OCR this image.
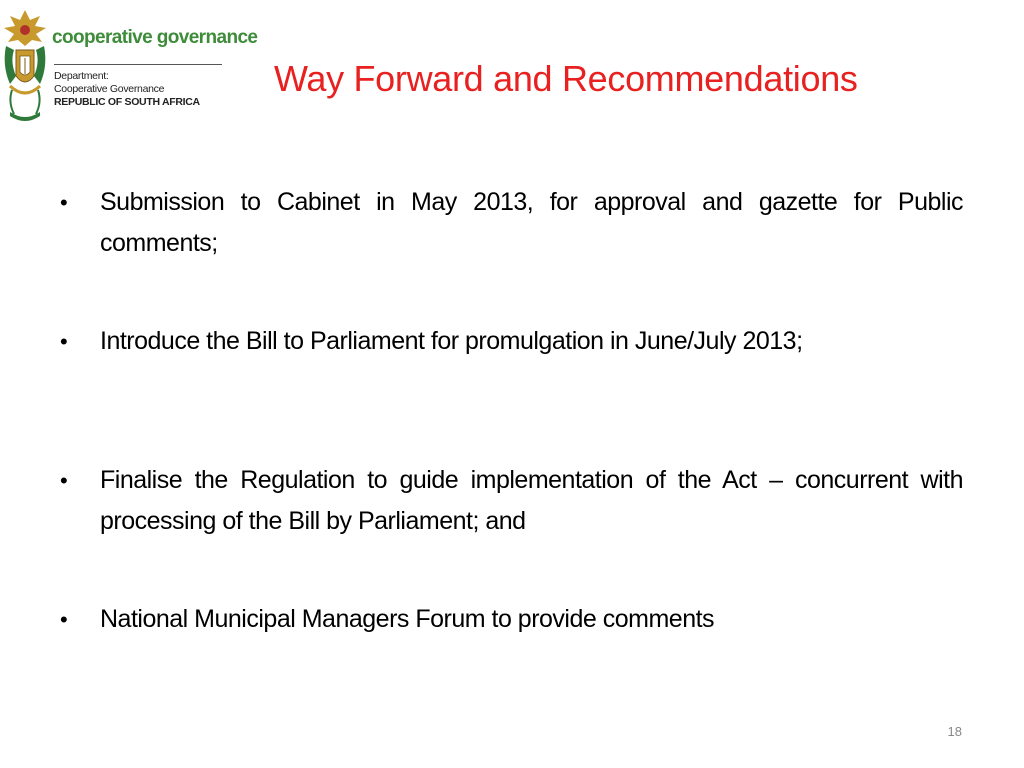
cooperative governance
Department:
Cooperative Governance
REPUBLIC OF SOUTH AFRICA
Way Forward and Recommendations
• Submission to Cabinet in May 2013, for approval and gazette for Public comments;
• Introduce the Bill to Parliament for promulgation in June/July 2013;
• Finalise the Regulation to guide implementation of the Act – concurrent with processing of the Bill by Parliament; and
• National Municipal Managers Forum to provide comments
18
